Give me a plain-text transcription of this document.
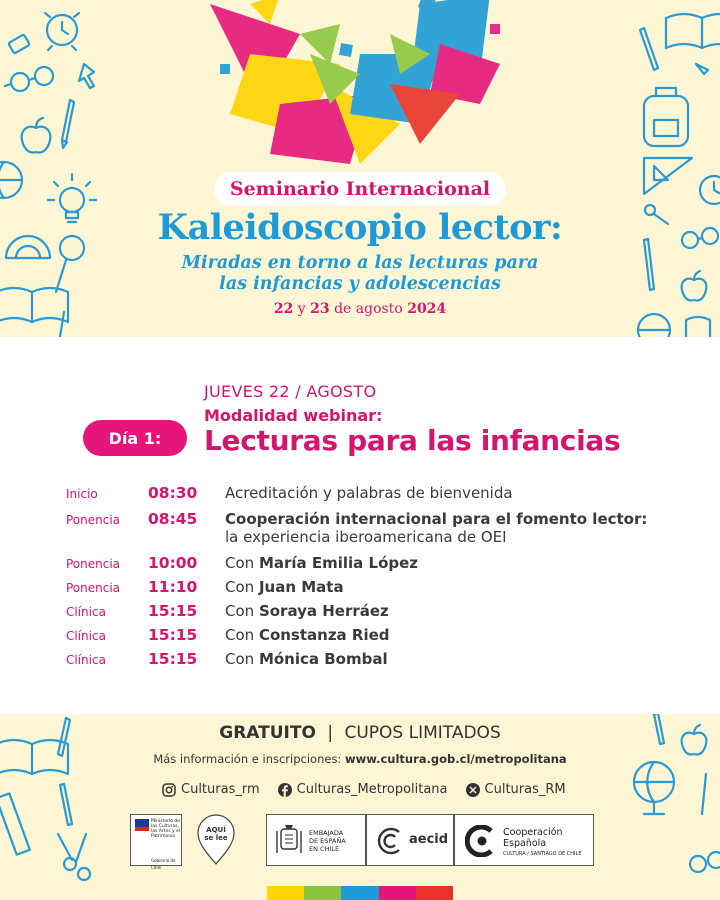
Seminario Internacional
Kaleidoscopio lector:
Miradas en torno a las lecturas para
las infancias y adolescencias
22 y 23 de agosto 2024
JUEVES 22 / AGOSTO
Modalidad webinar:
Día 1:	Lecturas para las infancias
Inicio	08:30 Acreditación y palabras de bienvenida
Ponencia 08:45 Cooperación internacional para el fomento lector:
la experiencia iberoamericana de OEI
Ponencia 10:00 Con María Emilia López
Ponencia 11:10 Con Juan Mata
Clínica	15:15 Con Soraya Herráez
Clínica	15:15 Con Constanza Ried
Clínica	15:15 Con Mónica Bombal
GRATUITO | CUPOS LIMITADOS
Más información e inscripciones: www.cultura.gob.cl/metropolitana
Culturas_rm	Culturas_Metropolitana	Culturas_RM
Ministerio de
las Culturas,
las Artes y el
Patrimonio
Gobierno de Chile
AQUÍ
se lee
EMBAJADA
DE ESPAÑA
EN CHILE
aecid	Cooperación
Española
CULTURA / SANTIAGO DE CHILE
